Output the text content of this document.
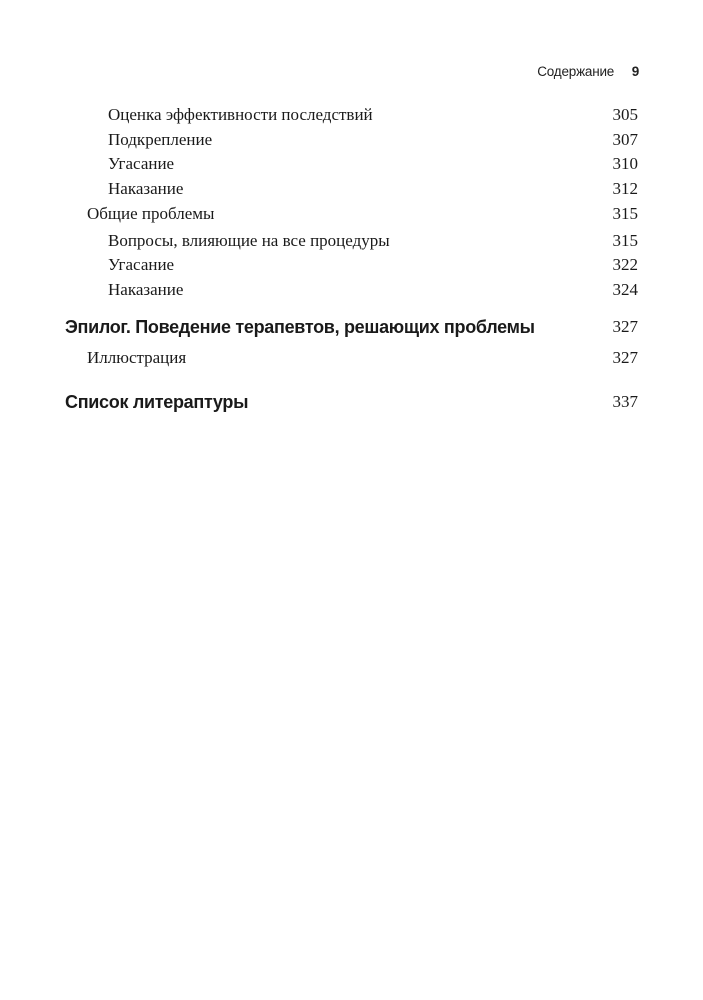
Содержание 9
Оценка эффективности последствий	305
Подкрепление	307
Угасание	310
Наказание	312
Общие проблемы	315
Вопросы, влияющие на все процедуры	315
Угасание	322
Наказание	324
Эпилог. Поведение терапевтов, решающих проблемы	327
Иллюстрация	327
Список литераптуры	337
